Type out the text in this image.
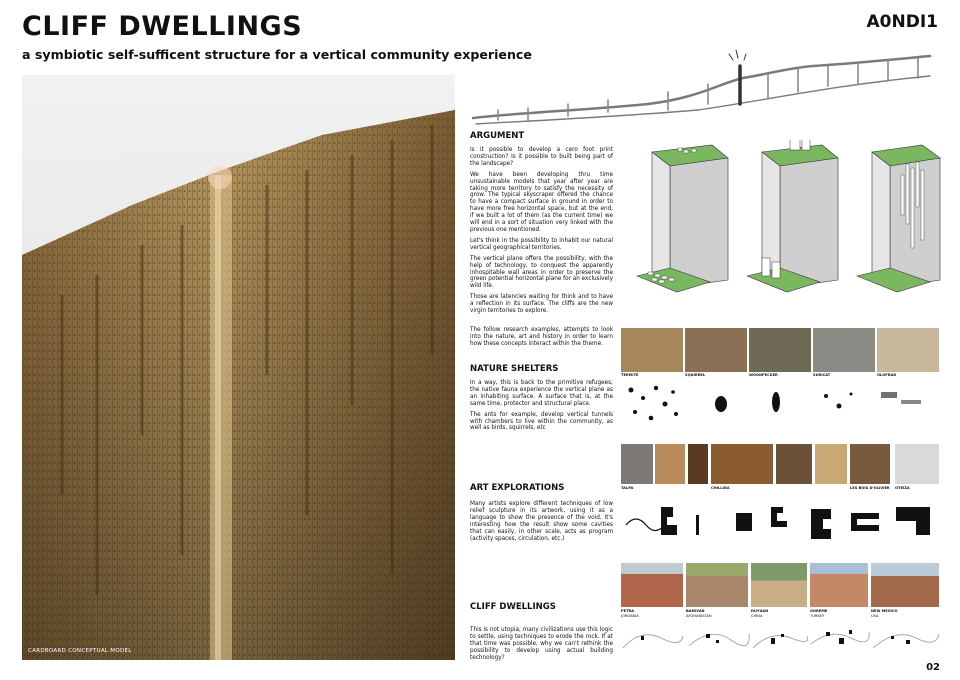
CLIFF DWELLINGS
a symbiotic self-sufficent structure for a vertical community experience
A0NDI1
CARDBOARD CONCEPTUAL MODEL
ARGUMENT

Is it possible to develop a cero foot print construction? Is it possible to built being part of the landscape?

We have been developing thru time unsustainable models that year after year are taking more territory to satisfy the necessity of grow. The typical skyscraper offered the chance to have a compact surface in ground in order to have more free horizontal space, but at the end, if we built a lot of them (as the current time) we will end in a sort of situation very linked with the previous one mentioned.

Let's think in the possibility to inhabit our natural vertical geographical territories.

The vertical plane offers the possibility, with the help of technology, to conquest the apparently inhospitable wall areas in order to preserve the green potential horizontal plane for an exclusively wild life.

Those are latencies waiting for think and to have a reflection in its surface. The cliffs are the new virgin territories to explore.

The follow research examples, attempts to look into the nature, art and history in order to learn how these concepts interact within the theme.
NATURE SHELTERS

In a way, this is back to the primitive refugees; the native fauna experience the vertical plane as an inhabiting surface. A surface that is, at the same time, protector and structural place.

The ants for example, develop vertical tunnels with chambers to live within the community, as well as birds, squirrels, etc

TERMITE	SQUIRREL	WOODPECKER	SURICAT	OLOFRAD
ART EXPLORATIONS

Many artists explore different techniques of low relief sculpture in its artwork, using it as a language to show the presence of the void. It's interesting how the result show some cavities that can easily, in other scale, acts as program (activity spaces, circulation, etc.)

TALPA	CHILLIDA	LES BOIS D'OLIVIER OTEIZA
CLIFF DWELLINGS

This is not utopia; many civilizations use this logic to settle, using techniques to erode the rock. If at that time was possible, why we can't rethink the possibility to develop using actual building technology?

PETRA
JORDANIA
BAMIYAN
AFGHANISTAN
DUYUAN
CHINA
GOREME
TURKEY
NEW MEXICO
USA
02
